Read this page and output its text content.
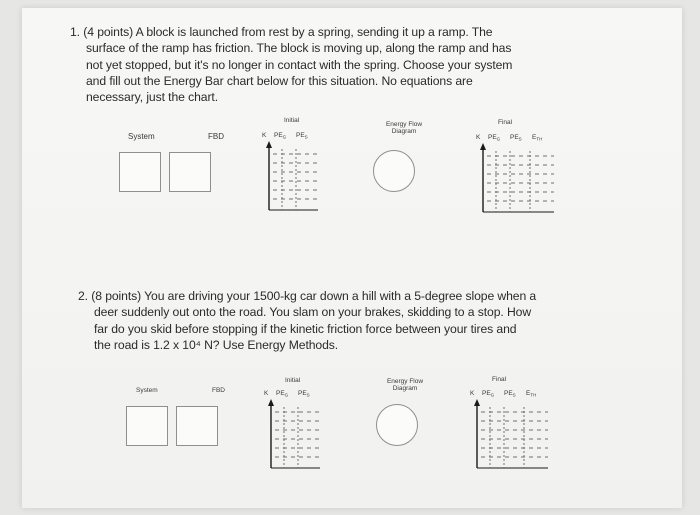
1. (4 points) A block is launched from rest by a spring, sending it up a ramp. The
surface of the ramp has friction. The block is moving up, along the ramp and has
not yet stopped, but it's no longer in contact with the spring. Choose your system
and fill out the Energy Bar chart below for this situation. No equations are
necessary, just the chart.
System	FBD
Initial
Energy Flow
Diagram
Final
K $PE_G$ $PE_S$	K $PE_G$ $PE_S$ $E_{TH}$
2. (8 points) You are driving your 1500-kg car down a hill with a 5-degree slope when a
deer suddenly out onto the road. You slam on your brakes, skidding to a stop. How
far do you skid before stopping if the kinetic friction force between your tires and
the road is 1.2 x 10⁴ N? Use Energy Methods.
System	FBD
Initial	Energy Flow
Diagram
Final
K $PE_G$ $PE_S$	K $PE_G$ $PE_S$ $E_{TH}$
